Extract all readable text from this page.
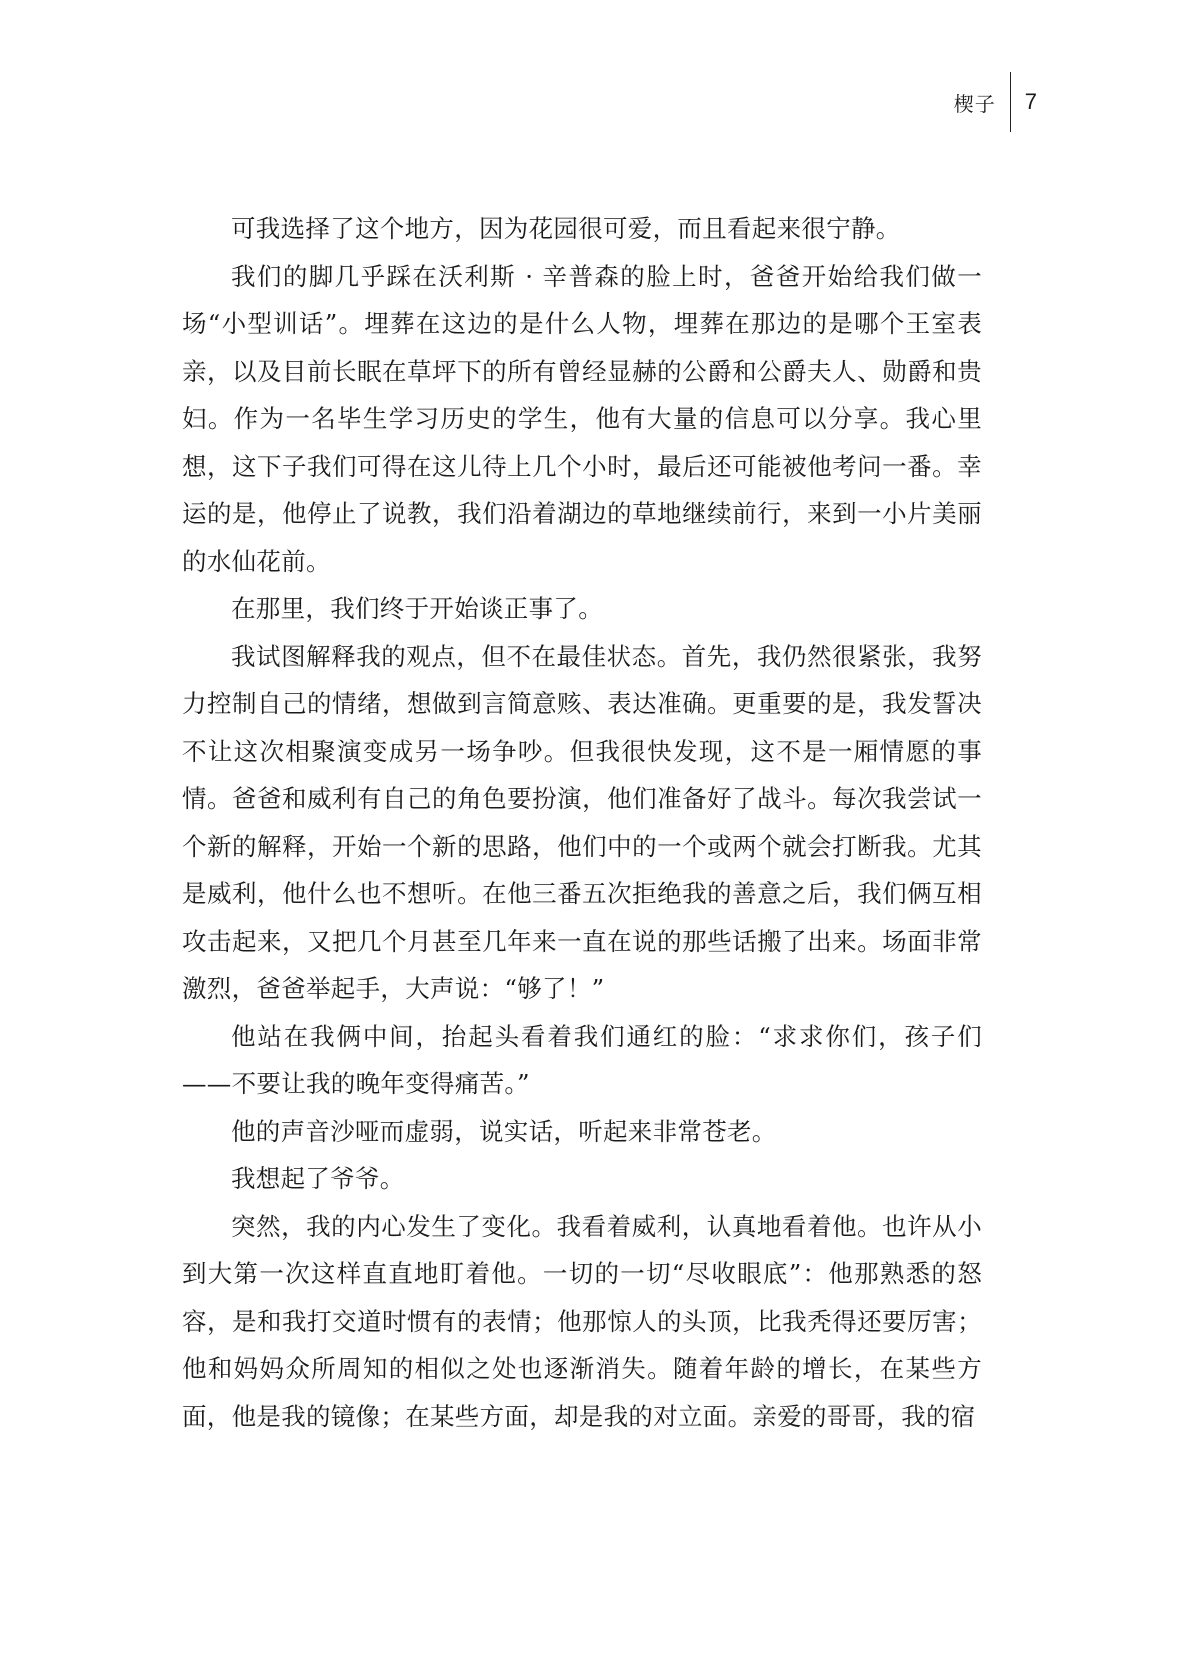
楔子 7

可我选择了这个地方，因为花园很可爱，而且看起来很宁静。

我们的脚几乎踩在沃利斯 · 辛普森的脸上时，爸爸开始给我们做一场“小型训话”。埋葬在这边的是什么人物，埋葬在那边的是哪个王室表亲，以及目前长眠在草坪下的所有曾经显赫的公爵和公爵夫人、勋爵和贵妇。作为一名毕生学习历史的学生，他有大量的信息可以分享。我心里想，这下子我们可得在这儿待上几个小时，最后还可能被他考问一番。幸运的是，他停止了说教，我们沿着湖边的草地继续前行，来到一小片美丽的水仙花前。

在那里，我们终于开始谈正事了。

我试图解释我的观点，但不在最佳状态。首先，我仍然很紧张，我努力控制自己的情绪，想做到言简意赅、表达准确。更重要的是，我发誓决不让这次相聚演变成另一场争吵。但我很快发现，这不是一厢情愿的事情。爸爸和威利有自己的角色要扮演，他们准备好了战斗。每次我尝试一个新的解释，开始一个新的思路，他们中的一个或两个就会打断我。尤其是威利，他什么也不想听。在他三番五次拒绝我的善意之后，我们俩互相攻击起来，又把几个月甚至几年来一直在说的那些话搬了出来。场面非常激烈，爸爸举起手，大声说：“够了！”

他站在我俩中间，抬起头看着我们通红的脸：“求求你们，孩子们——不要让我的晚年变得痛苦。”

他的声音沙哑而虚弱，说实话，听起来非常苍老。

我想起了爷爷。

突然，我的内心发生了变化。我看着威利，认真地看着他。也许从小到大第一次这样直直地盯着他。一切的一切“尽收眼底”：他那熟悉的怒容，是和我打交道时惯有的表情；他那惊人的头顶，比我秃得还要厉害；他和妈妈众所周知的相似之处也逐渐消失。随着年龄的增长，在某些方面，他是我的镜像；在某些方面，却是我的对立面。亲爱的哥哥，我的宿
